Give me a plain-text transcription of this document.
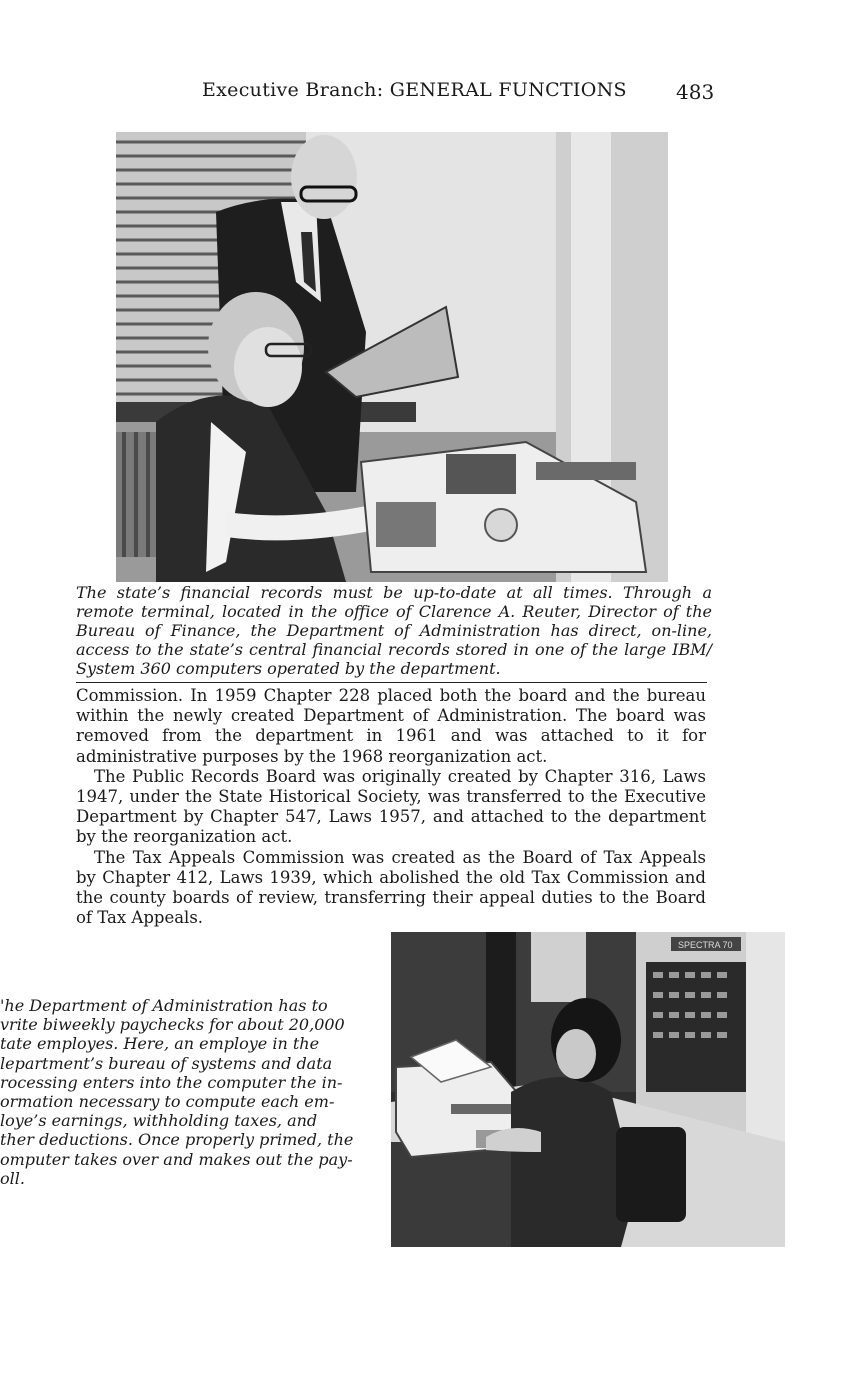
Executive Branch: GENERAL FUNCTIONS 483
The state’s financial records must be up-to-date at all times. Through a remote terminal, located in the office of Clarence A. Reuter, Director of the Bureau of Finance, the Department of Administration has direct, on-line, access to the state’s central financial records stored in one of the large IBM/ System 360 computers operated by the department.

Commission. In 1959 Chapter 228 placed both the board and the bureau within the newly created Department of Administration. The board was removed from the department in 1961 and was attached to it for administrative purposes by the 1968 reorganization act.

The Public Records Board was originally created by Chapter 316, Laws 1947, under the State Historical Society, was transferred to the Executive Department by Chapter 547, Laws 1957, and attached to the department by the reorganization act.

The Tax Appeals Commission was created as the Board of Tax Appeals by Chapter 412, Laws 1939, which abolished the old Tax Commission and the county boards of review, transferring their appeal duties to the Board of Tax Appeals.

'he Department of Administration has to
vrite biweekly paychecks for about 20,000
tate employes. Here, an employe in the
lepartment’s bureau of systems and data
rocessing enters into the computer the in-
ormation necessary to compute each em-
loye’s earnings, withholding taxes, and
ther deductions. Once properly primed, the
omputer takes over and makes out the pay-
oll.
SPECTRA 70
